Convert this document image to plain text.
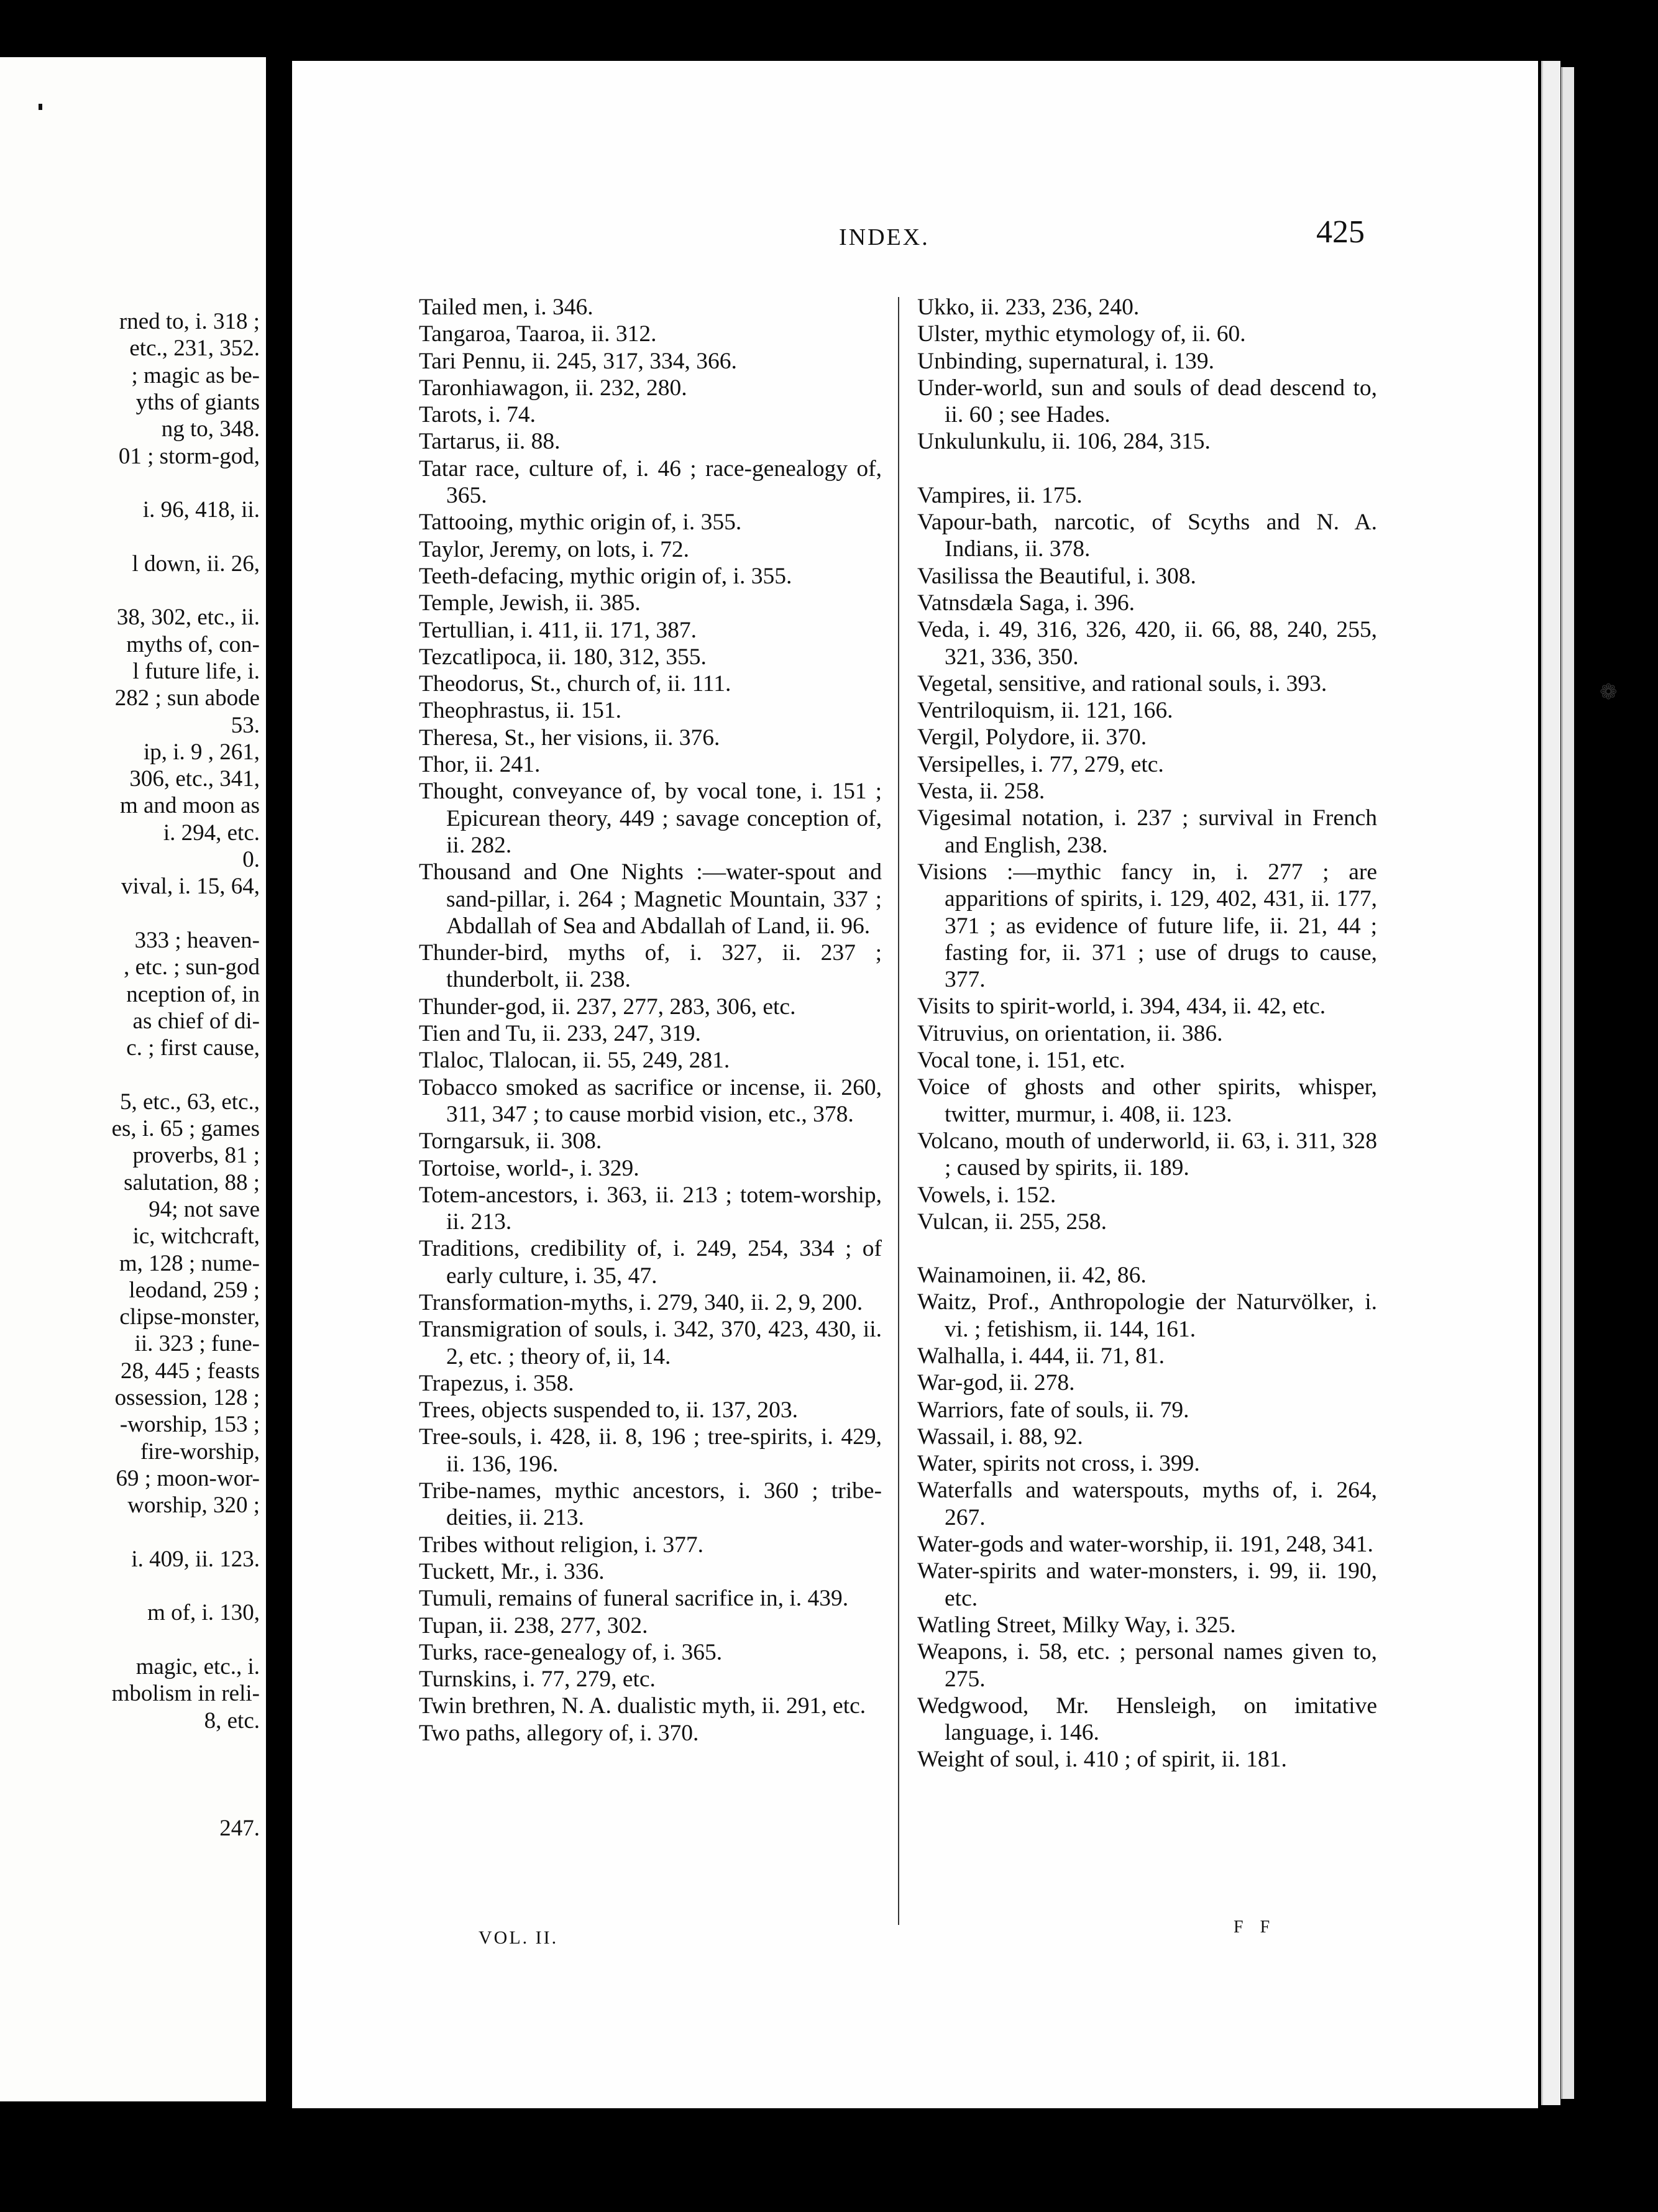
rned to, i. 318 ;
etc., 231, 352.
; magic as be-
yths of giants
ng to, 348.
01 ; storm-god,
i. 96, 418, ii.
l down, ii. 26,
38, 302, etc., ii.
myths of, con-
l future life, i.
282 ; sun abode
53.
ip, i. 9 , 261,
306, etc., 341,
m and moon as
i. 294, etc.
0.
vival, i. 15, 64,
333 ; heaven-
, etc. ; sun-god
nception of, in
as chief of di-
c. ; first cause,
5, etc., 63, etc.,
es, i. 65 ; games
proverbs, 81 ;
salutation, 88 ;
94; not save
ic, witchcraft,
m, 128 ; nume-
leodand, 259 ;
clipse-monster,
ii. 323 ; fune-
28, 445 ; feasts
ossession, 128 ;
-worship, 153 ;
fire-worship,
69 ; moon-wor-
worship, 320 ;
i. 409, ii. 123.
m of, i. 130,
magic, etc., i.
mbolism in reli-
8, etc.
247.
INDEX.	425
Tailed men, i. 346.
Tangaroa, Taaroa, ii. 312.
Tari Pennu, ii. 245, 317, 334, 366.
Taronhiawagon, ii. 232, 280.
Tarots, i. 74.
Tartarus, ii. 88.
Tatar race, culture of, i. 46 ; race-genealogy of, 365.
Tattooing, mythic origin of, i. 355.
Taylor, Jeremy, on lots, i. 72.
Teeth-defacing, mythic origin of, i. 355.
Temple, Jewish, ii. 385.
Tertullian, i. 411, ii. 171, 387.
Tezcatlipoca, ii. 180, 312, 355.
Theodorus, St., church of, ii. 111.
Theophrastus, ii. 151.
Theresa, St., her visions, ii. 376.
Thor, ii. 241.
Thought, conveyance of, by vocal tone, i. 151 ; Epicurean theory, 449 ; savage conception of, ii. 282.
Thousand and One Nights :—water-spout and sand-pillar, i. 264 ; Magnetic Mountain, 337 ; Abdallah of Sea and Abdallah of Land, ii. 96.
Thunder-bird, myths of, i. 327, ii. 237 ; thunderbolt, ii. 238.
Thunder-god, ii. 237, 277, 283, 306, etc.
Tien and Tu, ii. 233, 247, 319.
Tlaloc, Tlalocan, ii. 55, 249, 281.
Tobacco smoked as sacrifice or incense, ii. 260, 311, 347 ; to cause morbid vision, etc., 378.
Torngarsuk, ii. 308.
Tortoise, world-, i. 329.
Totem-ancestors, i. 363, ii. 213 ; totem-worship, ii. 213.
Traditions, credibility of, i. 249, 254, 334 ; of early culture, i. 35, 47.
Transformation-myths, i. 279, 340, ii. 2, 9, 200.
Transmigration of souls, i. 342, 370, 423, 430, ii. 2, etc. ; theory of, ii, 14.
Trapezus, i. 358.
Trees, objects suspended to, ii. 137, 203.
Tree-souls, i. 428, ii. 8, 196 ; tree-spirits, i. 429, ii. 136, 196.
Tribe-names, mythic ancestors, i. 360 ; tribe-deities, ii. 213.
Tribes without religion, i. 377.
Tuckett, Mr., i. 336.
Tumuli, remains of funeral sacrifice in, i. 439.
Tupan, ii. 238, 277, 302.
Turks, race-genealogy of, i. 365.
Turnskins, i. 77, 279, etc.
Twin brethren, N. A. dualistic myth, ii. 291, etc.
Two paths, allegory of, i. 370.
Ukko, ii. 233, 236, 240.
Ulster, mythic etymology of, ii. 60.
Unbinding, supernatural, i. 139.
Under-world, sun and souls of dead descend to, ii. 60 ; see Hades.
Unkulunkulu, ii. 106, 284, 315.
Vampires, ii. 175.
Vapour-bath, narcotic, of Scyths and N. A. Indians, ii. 378.
Vasilissa the Beautiful, i. 308.
Vatnsdæla Saga, i. 396.
Veda, i. 49, 316, 326, 420, ii. 66, 88, 240, 255, 321, 336, 350.
Vegetal, sensitive, and rational souls, i. 393.
Ventriloquism, ii. 121, 166.
Vergil, Polydore, ii. 370.
Versipelles, i. 77, 279, etc.
Vesta, ii. 258.
Vigesimal notation, i. 237 ; survival in French and English, 238.
Visions :—mythic fancy in, i. 277 ; are apparitions of spirits, i. 129, 402, 431, ii. 177, 371 ; as evidence of future life, ii. 21, 44 ; fasting for, ii. 371 ; use of drugs to cause, 377.
Visits to spirit-world, i. 394, 434, ii. 42, etc.
Vitruvius, on orientation, ii. 386.
Vocal tone, i. 151, etc.
Voice of ghosts and other spirits, whisper, twitter, murmur, i. 408, ii. 123.
Volcano, mouth of underworld, ii. 63, i. 311, 328 ; caused by spirits, ii. 189.
Vowels, i. 152.
Vulcan, ii. 255, 258.
Wainamoinen, ii. 42, 86.
Waitz, Prof., Anthropologie der Naturvölker, i. vi. ; fetishism, ii. 144, 161.
Walhalla, i. 444, ii. 71, 81.
War-god, ii. 278.
Warriors, fate of souls, ii. 79.
Wassail, i. 88, 92.
Water, spirits not cross, i. 399.
Waterfalls and waterspouts, myths of, i. 264, 267.
Water-gods and water-worship, ii. 191, 248, 341.
Water-spirits and water-monsters, i. 99, ii. 190, etc.
Watling Street, Milky Way, i. 325.
Weapons, i. 58, etc. ; personal names given to, 275.
Wedgwood, Mr. Hensleigh, on imitative language, i. 146.
Weight of soul, i. 410 ; of spirit, ii. 181.
VOL. II.
F F
❁
